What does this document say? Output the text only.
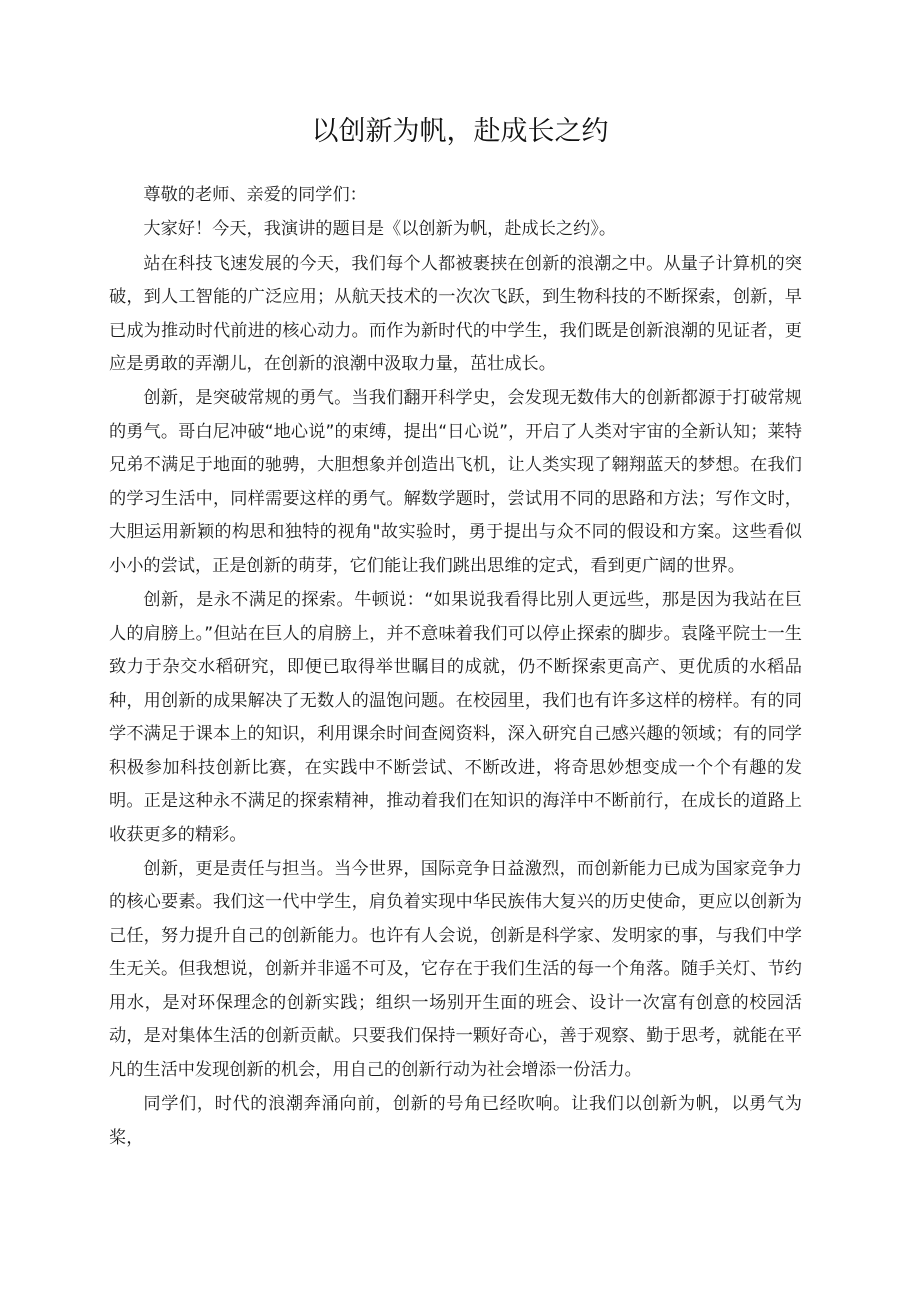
以创新为帆，赴成长之约

尊敬的老师、亲爱的同学们：

大家好！今天，我演讲的题目是《以创新为帆，赴成长之约》。

站在科技飞速发展的今天，我们每个人都被裹挟在创新的浪潮之中。从量子计算机的突破，到人工智能的广泛应用；从航天技术的一次次飞跃，到生物科技的不断探索，创新，早已成为推动时代前进的核心动力。而作为新时代的中学生，我们既是创新浪潮的见证者，更应是勇敢的弄潮儿，在创新的浪潮中汲取力量，茁壮成长。

创新，是突破常规的勇气。当我们翻开科学史，会发现无数伟大的创新都源于打破常规的勇气。哥白尼冲破“地心说”的束缚，提出“日心说”，开启了人类对宇宙的全新认知；莱特兄弟不满足于地面的驰骋，大胆想象并创造出飞机，让人类实现了翱翔蓝天的梦想。在我们的学习生活中，同样需要这样的勇气。解数学题时，尝试用不同的思路和方法；写作文时，大胆运用新颖的构思和独特的视角"故实验时，勇于提出与众不同的假设和方案。这些看似小小的尝试，正是创新的萌芽，它们能让我们跳出思维的定式，看到更广阔的世界。

创新，是永不满足的探索。牛顿说：“如果说我看得比别人更远些，那是因为我站在巨人的肩膀上。”但站在巨人的肩膀上，并不意味着我们可以停止探索的脚步。袁隆平院士一生致力于杂交水稻研究，即便已取得举世瞩目的成就，仍不断探索更高产、更优质的水稻品种，用创新的成果解决了无数人的温饱问题。在校园里，我们也有许多这样的榜样。有的同学不满足于课本上的知识，利用课余时间查阅资料，深入研究自己感兴趣的领域；有的同学积极参加科技创新比赛，在实践中不断尝试、不断改进，将奇思妙想变成一个个有趣的发明。正是这种永不满足的探索精神，推动着我们在知识的海洋中不断前行，在成长的道路上收获更多的精彩。

创新，更是责任与担当。当今世界，国际竞争日益激烈，而创新能力已成为国家竞争力的核心要素。我们这一代中学生，肩负着实现中华民族伟大复兴的历史使命，更应以创新为己任，努力提升自己的创新能力。也许有人会说，创新是科学家、发明家的事，与我们中学生无关。但我想说，创新并非遥不可及，它存在于我们生活的每一个角落。随手关灯、节约用水，是对环保理念的创新实践；组织一场别开生面的班会、设计一次富有创意的校园活动，是对集体生活的创新贡献。只要我们保持一颗好奇心，善于观察、勤于思考，就能在平凡的生活中发现创新的机会，用自己的创新行动为社会增添一份活力。

同学们，时代的浪潮奔涌向前，创新的号角已经吹响。让我们以创新为帆，以勇气为桨，
